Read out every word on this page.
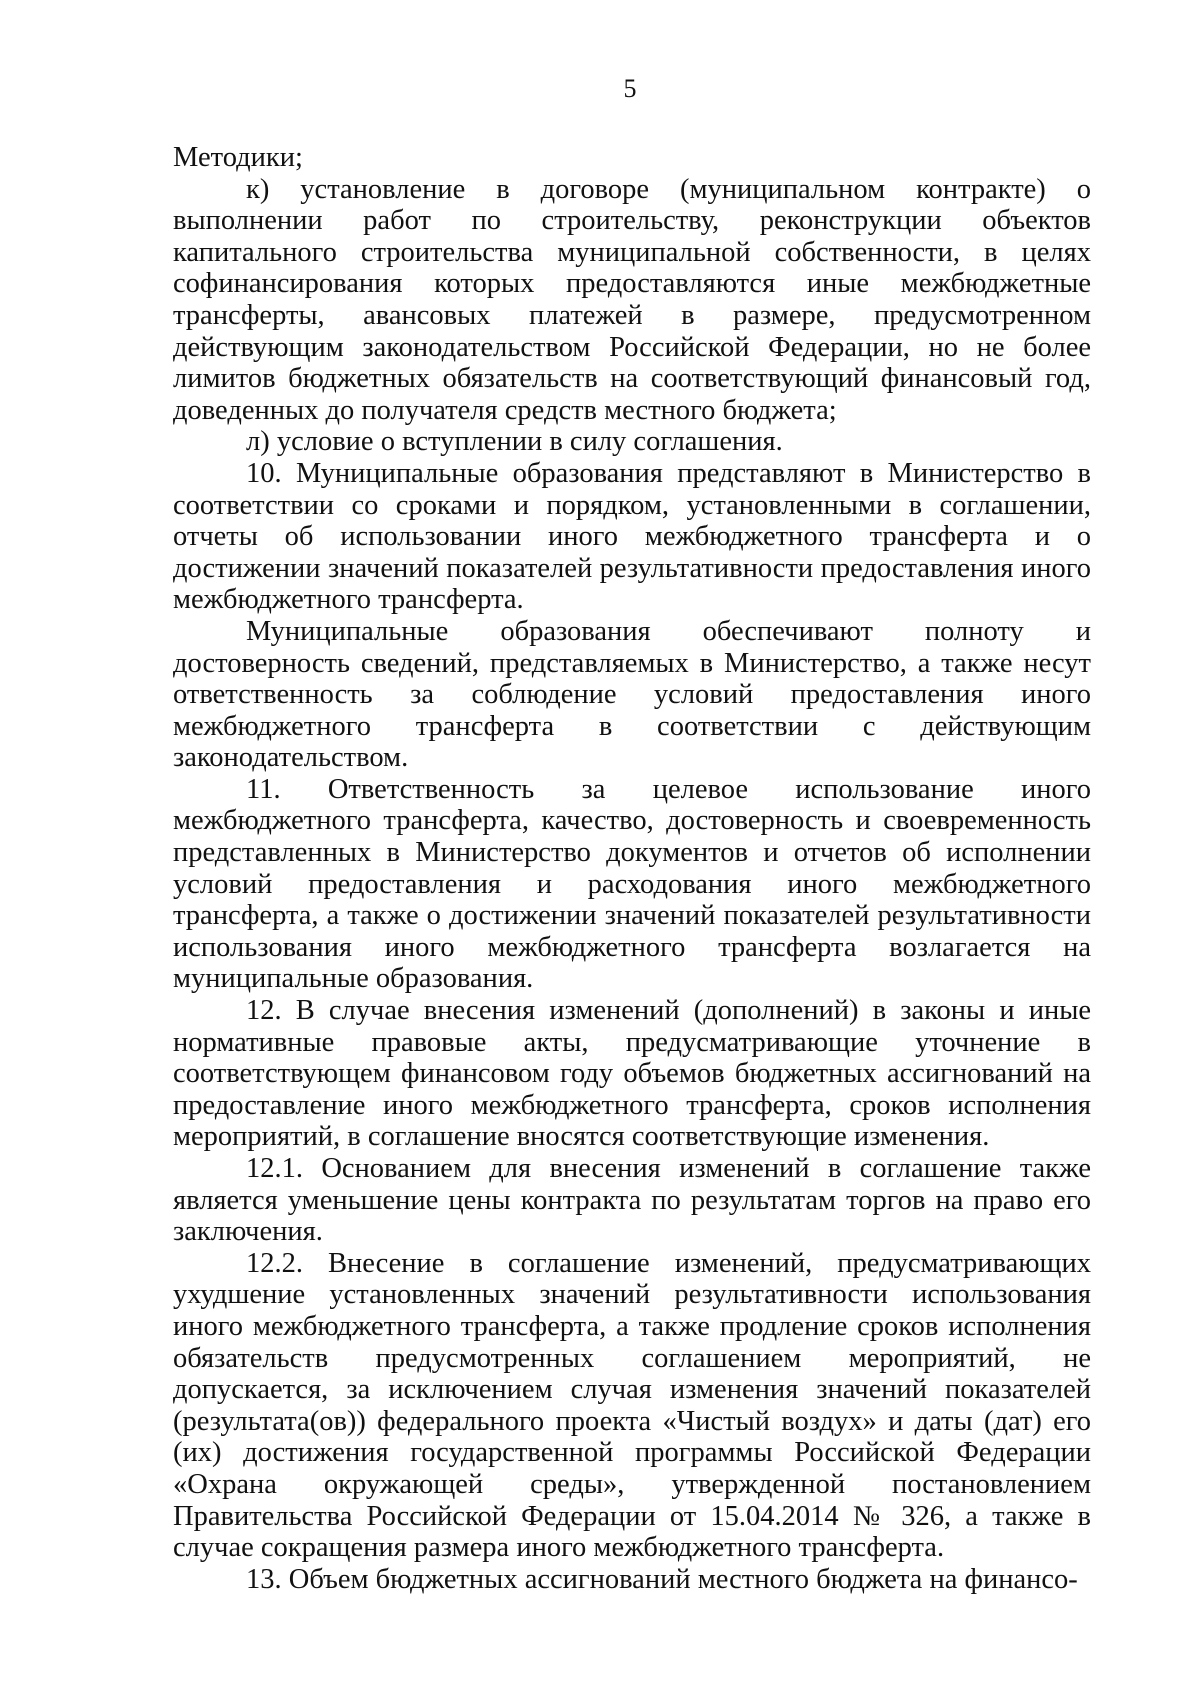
5

Методики;

к) установление в договоре (муниципальном контракте) о выполнении работ по строительству, реконструкции объектов капитального строительства муниципальной собственности, в целях софинансирования которых предоставляются иные межбюджетные трансферты, авансовых платежей в размере, предусмотренном действующим законодательством Российской Федерации, но не более лимитов бюджетных обязательств на соответствующий финансовый год, доведенных до получателя средств местного бюджета;

л) условие о вступлении в силу соглашения.

10. Муниципальные образования представляют в Министерство в соответствии со сроками и порядком, установленными в соглашении, отчеты об использовании иного межбюджетного трансферта и о достижении значений показателей результативности предоставления иного межбюджетного трансферта.

Муниципальные образования обеспечивают полноту и достоверность сведений, представляемых в Министерство, а также несут ответственность за соблюдение условий предоставления иного межбюджетного трансферта в соответствии с действующим законодательством.

11. Ответственность за целевое использование иного межбюджетного трансферта, качество, достоверность и своевременность представленных в Министерство документов и отчетов об исполнении условий предоставления и расходования иного межбюджетного трансферта, а также о достижении значений показателей результативности использования иного межбюджетного трансферта возлагается на муниципальные образования.

12. В случае внесения изменений (дополнений) в законы и иные нормативные правовые акты, предусматривающие уточнение в соответствующем финансовом году объемов бюджетных ассигнований на предоставление иного межбюджетного трансферта, сроков исполнения мероприятий, в соглашение вносятся соответствующие изменения.

12.1. Основанием для внесения изменений в соглашение также является уменьшение цены контракта по результатам торгов на право его заключения.

12.2. Внесение в соглашение изменений, предусматривающих ухудшение установленных значений результативности использования иного межбюджетного трансферта, а также продление сроков исполнения обязательств предусмотренных соглашением мероприятий, не допускается, за исключением случая изменения значений показателей (результата(ов)) федерального проекта «Чистый воздух» и даты (дат) его (их) достижения государственной программы Российской Федерации «Охрана окружающей среды», утвержденной постановлением Правительства Российской Федерации от 15.04.2014 № 326, а также в случае сокращения размера иного межбюджетного трансферта.

13. Объем бюджетных ассигнований местного бюджета на финансо-
